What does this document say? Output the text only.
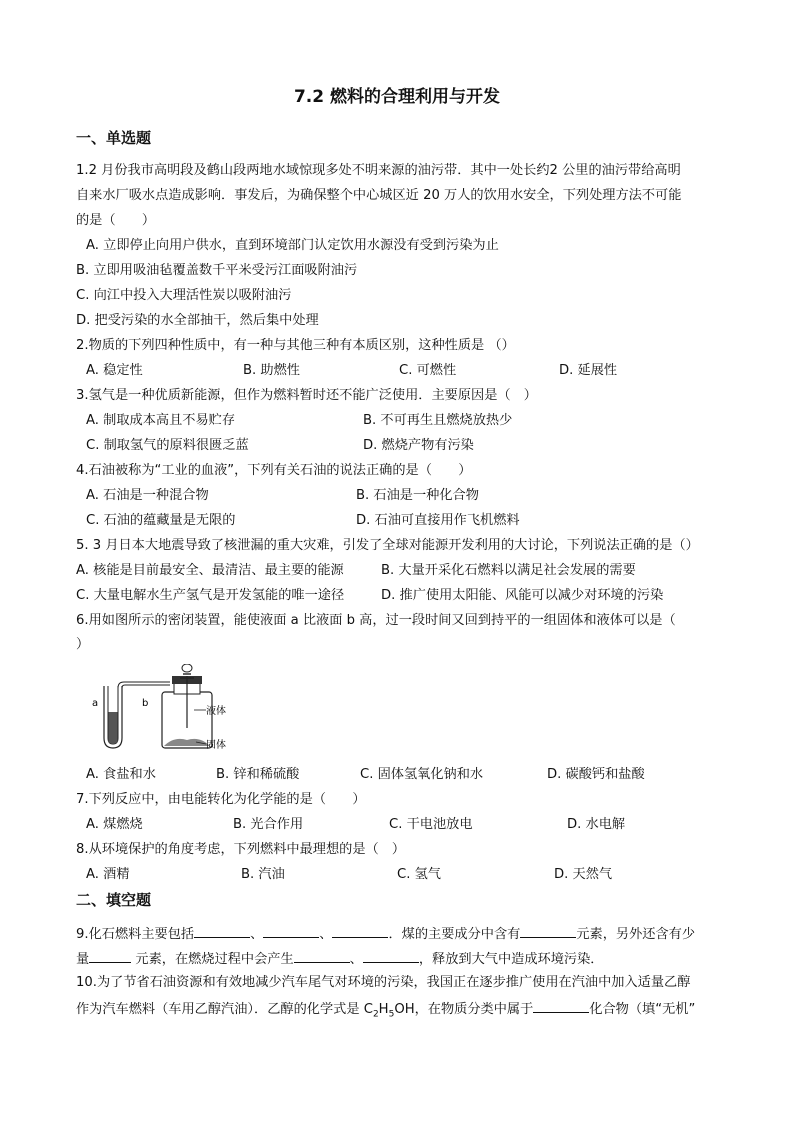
7.2 燃料的合理利用与开发
一、单选题
1.2 月份我市高明段及鹤山段两地水域惊现多处不明来源的油污带．其中一处长约2 公里的油污带给高明
自来水厂吸水点造成影响．事发后，为确保整个中心城区近 20 万人的饮用水安全，下列处理方法不可能
的是（　　）
A. 立即停止向用户供水，直到环境部门认定饮用水源没有受到污染为止
B. 立即用吸油毡覆盖数千平米受污江面吸附油污
C. 向江中投入大理活性炭以吸附油污
D. 把受污染的水全部抽干，然后集中处理
2.物质的下列四种性质中，有一种与其他三种有本质区别，这种性质是 （）
A. 稳定性	B. 助燃性	C. 可燃性	D. 延展性
3.氢气是一种优质新能源，但作为燃料暂时还不能广泛使用．主要原因是（　）
A. 制取成本高且不易贮存	B. 不可再生且燃烧放热少
C. 制取氢气的原料很匮乏蓝	D. 燃烧产物有污染
4.石油被称为“工业的血液”，下列有关石油的说法正确的是（　　）
A. 石油是一种混合物	B. 石油是一种化合物
C. 石油的蕴藏量是无限的	D. 石油可直接用作飞机燃料
5. 3 月日本大地震导致了核泄漏的重大灾难，引发了全球对能源开发利用的大讨论，下列说法正确的是（）
A. 核能是目前最安全、最清洁、最主要的能源	B. 大量开采化石燃料以满足社会发展的需要
C. 大量电解水生产氢气是开发氢能的唯一途径	D. 推广使用太阳能、风能可以减少对环境的污染
6.用如图所示的密闭装置，能使液面 a 比液面 b 高，过一段时间又回到持平的一组固体和液体可以是（
）
a	b
液体
固体
A. 食盐和水	B. 锌和稀硫酸	C. 固体氢氧化钠和水	D. 碳酸钙和盐酸
7.下列反应中，由电能转化为化学能的是（　　）
A. 煤燃烧	B. 光合作用	C. 干电池放电	D. 水电解
8.从环境保护的角度考虑，下列燃料中最理想的是（　）
A. 酒精	B. 汽油	C. 氢气	D. 天然气
二、填空题
9.化石燃料主要包括	、	、	．煤的主要成分中含有	元素，另外还含有少
量	元素，在燃烧过程中会产生	、	，释放到大气中造成环境污染．
10.为了节省石油资源和有效地减少汽车尾气对环境的污染，我国正在逐步推广使用在汽油中加入适量乙醇
作为汽车燃料（车用乙醇汽油）．乙醇的化学式是 $C_2H_5OH$，在物质分类中属于	化合物（填“无机”
